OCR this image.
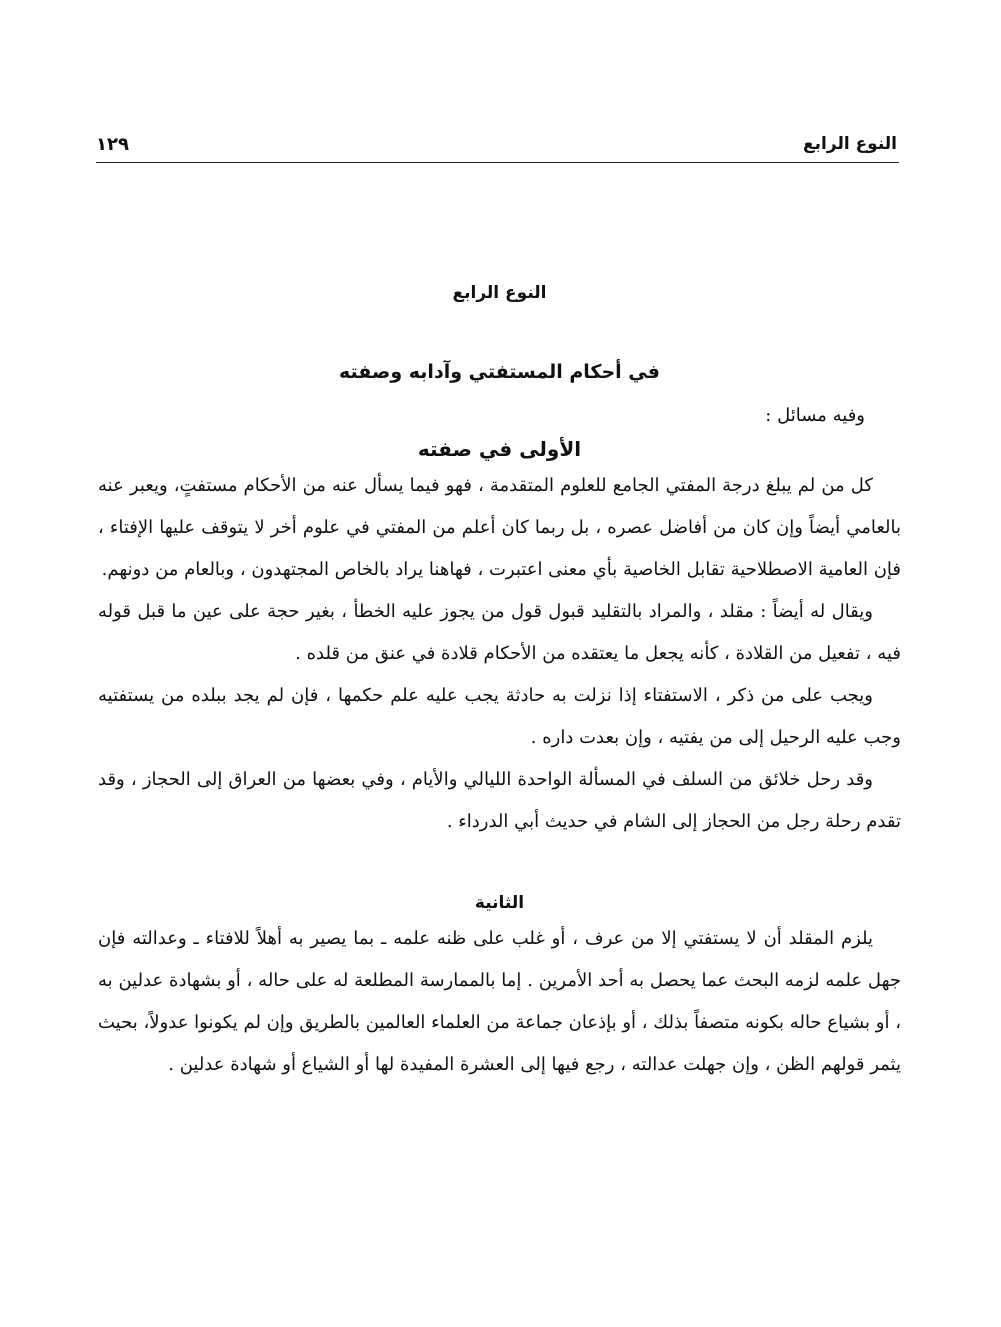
النوع الرابع
١٢٩
النوع الرابع
في أحكام المستفتي وآدابه وصفته

وفيه مسائل :

الأولى في صفته

كل من لم يبلغ درجة المفتي الجامع للعلوم المتقدمة ، فهو فيما يسأل عنه من الأحكام مستفتٍ، ويعبر عنه بالعامي أيضاً وإن كان من أفاضل عصره ، بل ربما كان أعلم من المفتي في علوم أخر لا يتوقف عليها الإفتاء ، فإن العامية الاصطلاحية تقابل الخاصية بأي معنى اعتبرت ، فهاهنا يراد بالخاص المجتهدون ، وبالعام من دونهم.

ويقال له أيضاً : مقلد ، والمراد بالتقليد قبول قول من يجوز عليه الخطأ ، بغير حجة على عين ما قبل قوله فيه ، تفعيل من القلادة ، كأنه يجعل ما يعتقده من الأحكام قلادة في عنق من قلده .

ويجب على من ذكر ، الاستفتاء إذا نزلت به حادثة يجب عليه علم حكمها ، فإن لم يجد ببلده من يستفتيه وجب عليه الرحيل إلى من يفتيه ، وإن بعدت داره .

وقد رحل خلائق من السلف في المسألة الواحدة الليالي والأيام ، وفي بعضها من العراق إلى الحجاز ، وقد تقدم رحلة رجل من الحجاز إلى الشام في حديث أبي الدرداء .

الثانية

يلزم المقلد أن لا يستفتي إلا من عرف ، أو غلب على ظنه علمه ـ بما يصير به أهلاً للافتاء ـ وعدالته فإن جهل علمه لزمه البحث عما يحصل به أحد الأمرين . إما بالممارسة المطلعة له على حاله ، أو بشهادة عدلين به ، أو بشياع حاله بكونه متصفاً بذلك ، أو بإذعان جماعة من العلماء العالمين بالطريق وإن لم يكونوا عدولاً، بحيث يثمر قولهم الظن ، وإن جهلت عدالته ، رجع فيها إلى العشرة المفيدة لها أو الشياع أو شهادة عدلين .
